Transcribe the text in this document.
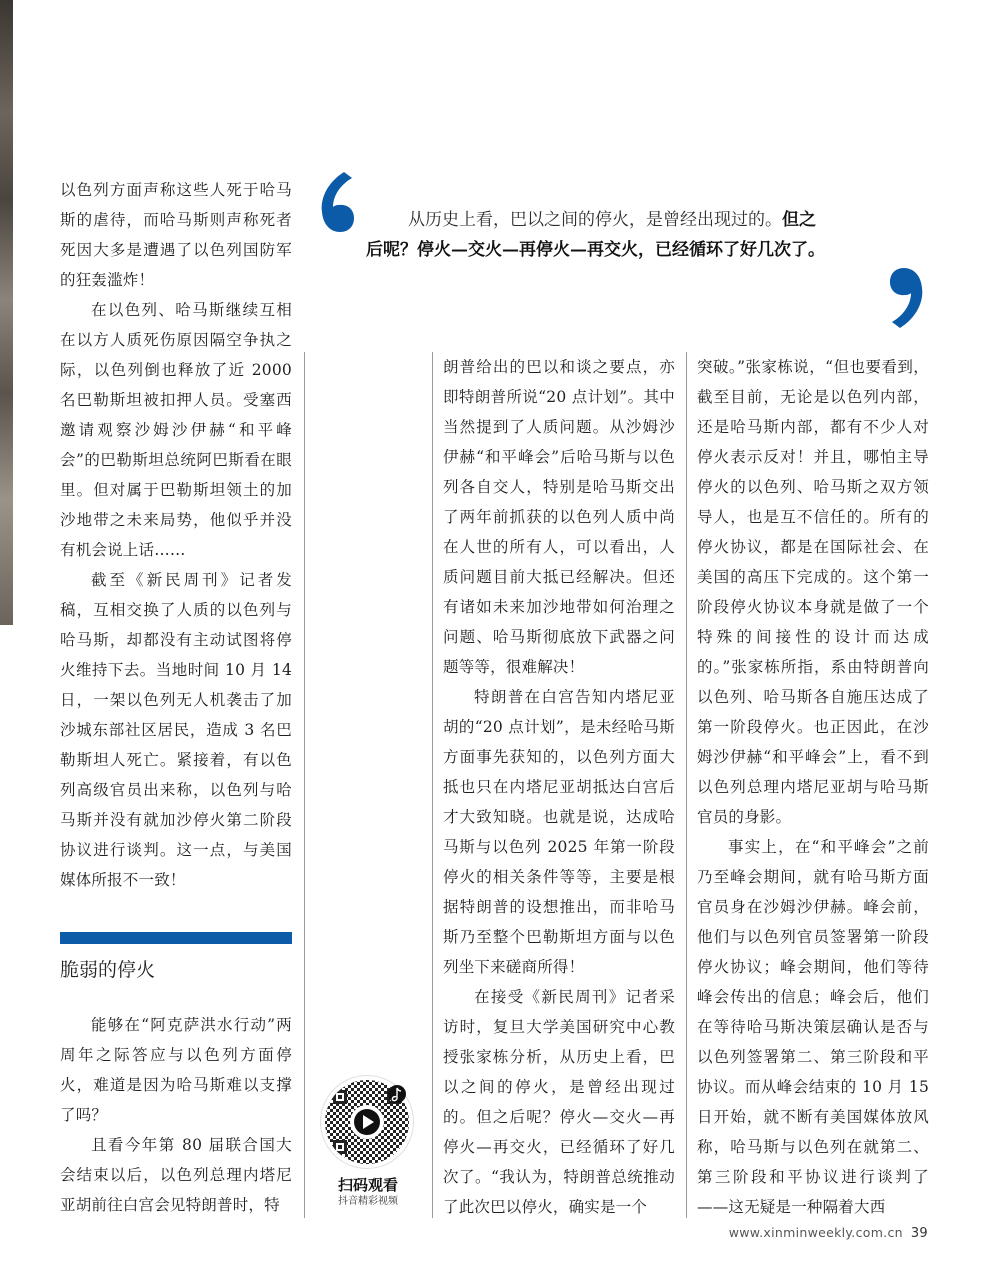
以色列方面声称这些人死于哈马斯的虐待，而哈马斯则声称死者死因大多是遭遇了以色列国防军的狂轰滥炸！

在以色列、哈马斯继续互相在以方人质死伤原因隔空争执之际，以色列倒也释放了近 2000 名巴勒斯坦被扣押人员。受塞西邀请观察沙姆沙伊赫“和平峰会”的巴勒斯坦总统阿巴斯看在眼里。但对属于巴勒斯坦领土的加沙地带之未来局势，他似乎并没有机会说上话……

截至《新民周刊》记者发稿，互相交换了人质的以色列与哈马斯，却都没有主动试图将停火维持下去。当地时间 10 月 14 日，一架以色列无人机袭击了加沙城东部社区居民，造成 3 名巴勒斯坦人死亡。紧接着，有以色列高级官员出来称，以色列与哈马斯并没有就加沙停火第二阶段协议进行谈判。这一点，与美国媒体所报不一致！

脆弱的停火

能够在“阿克萨洪水行动”两周年之际答应与以色列方面停火，难道是因为哈马斯难以支撑了吗？

且看今年第 80 届联合国大会结束以后，以色列总理内塔尼亚胡前往白宫会见特朗普时，特

从历史上看，巴以之间的停火，是曾经出现过的。但之
后呢？停火—交火—再停火—再交火，已经循环了好几次了。

朗普给出的巴以和谈之要点，亦即特朗普所说“20 点计划”。其中当然提到了人质问题。从沙姆沙伊赫“和平峰会”后哈马斯与以色列各自交人，特别是哈马斯交出了两年前抓获的以色列人质中尚在人世的所有人，可以看出，人质问题目前大抵已经解决。但还有诸如未来加沙地带如何治理之问题、哈马斯彻底放下武器之问题等等，很难解决！

特朗普在白宫告知内塔尼亚胡的“20 点计划”，是未经哈马斯方面事先获知的，以色列方面大抵也只在内塔尼亚胡抵达白宫后才大致知晓。也就是说，达成哈马斯与以色列 2025 年第一阶段停火的相关条件等等，主要是根据特朗普的设想推出，而非哈马斯乃至整个巴勒斯坦方面与以色列坐下来磋商所得！

在接受《新民周刊》记者采访时，复旦大学美国研究中心教授张家栋分析，从历史上看，巴以之间的停火，是曾经出现过的。但之后呢？停火—交火—再停火—再交火，已经循环了好几次了。“我认为，特朗普总统推动了此次巴以停火，确实是一个

突破。”张家栋说，“但也要看到，截至目前，无论是以色列内部，还是哈马斯内部，都有不少人对停火表示反对！并且，哪怕主导停火的以色列、哈马斯之双方领导人，也是互不信任的。所有的停火协议，都是在国际社会、在美国的高压下完成的。这个第一阶段停火协议本身就是做了一个特殊的间接性的设计而达成的。”张家栋所指，系由特朗普向以色列、哈马斯各自施压达成了第一阶段停火。也正因此，在沙姆沙伊赫“和平峰会”上，看不到以色列总理内塔尼亚胡与哈马斯官员的身影。

事实上，在“和平峰会”之前乃至峰会期间，就有哈马斯方面官员身在沙姆沙伊赫。峰会前，他们与以色列官员签署第一阶段停火协议；峰会期间，他们等待峰会传出的信息；峰会后，他们在等待哈马斯决策层确认是否与以色列签署第二、第三阶段和平协议。而从峰会结束的 10 月 15 日开始，就不断有美国媒体放风称，哈马斯与以色列在就第二、第三阶段和平协议进行谈判了——这无疑是一种隔着大西

扫码观看
抖音精彩视频
www.xinminweekly.com.cn 39
